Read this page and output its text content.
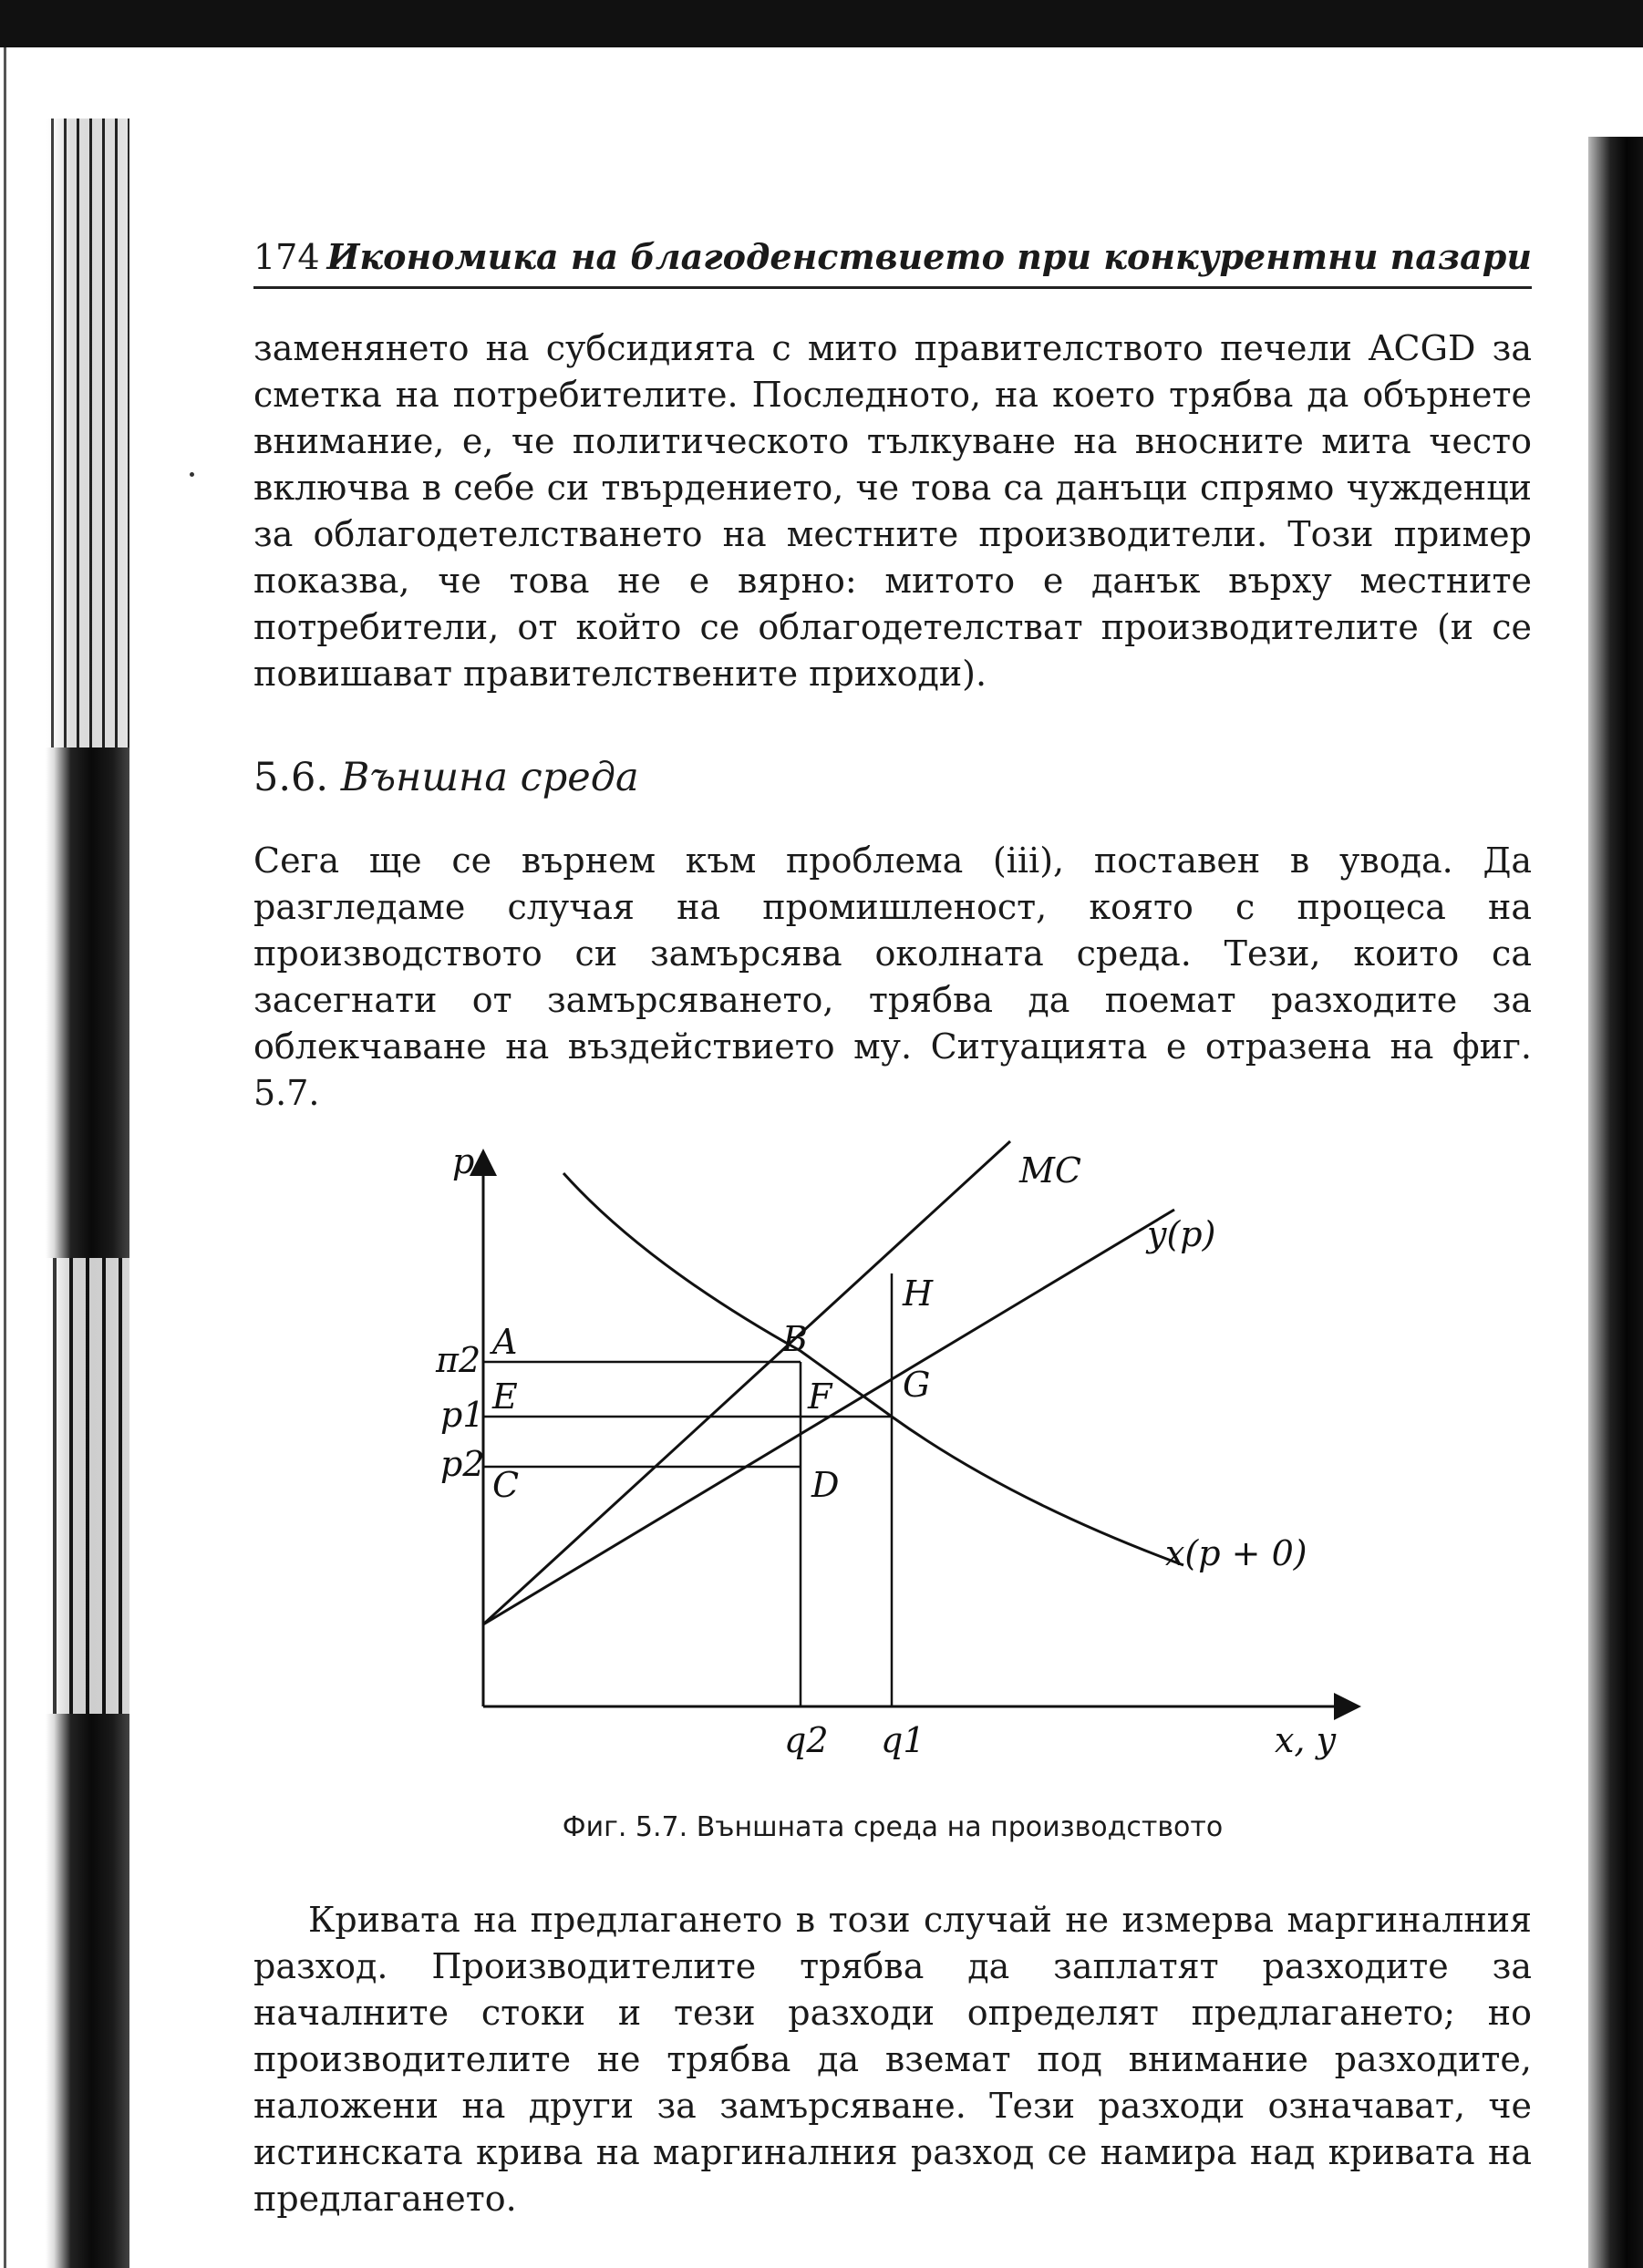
174 Икономика на благоденствието при конкурентни пазари

заменянето на субсидията с мито правителството печели ACGD за сметка на потребителите. Последното, на което трябва да обърнете внимание, е, че политическото тълкуване на вносните мита често включва в себе си твърдението, че това са данъци спрямо чужденци за облагодетелстването на местните производители. Този пример показва, че това не е вярно: митото е данък върху местните потребители, от който се облагодетелстват производителите (и се повишават правителствените приходи).

5.6. Външна среда

Сега ще се върнем към проблема (iii), поставен в увода. Да разгледаме случая на промишленост, която с процеса на производството си замърсява околната среда. Тези, които са засегнати от замърсяването, трябва да поемат разходите за облекчаване на въздействието му. Ситуацията е отразена на фиг. 5.7.

p
x, y
MC
y(p)
x(p + 0)
π2
p1
p2
q2 q1
A	B
E	F
C	D
G
H

Фиг. 5.7. Външната среда на производството

Кривата на предлагането в този случай не измерва маргиналния разход. Производителите трябва да заплатят разходите за началните стоки и тези разходи определят предлагането; но производителите не трябва да вземат под внимание разходите, наложени на други за замърсяване. Тези разходи означават, че истинската крива на маргиналния разход се намира над кривата на предлагането.
